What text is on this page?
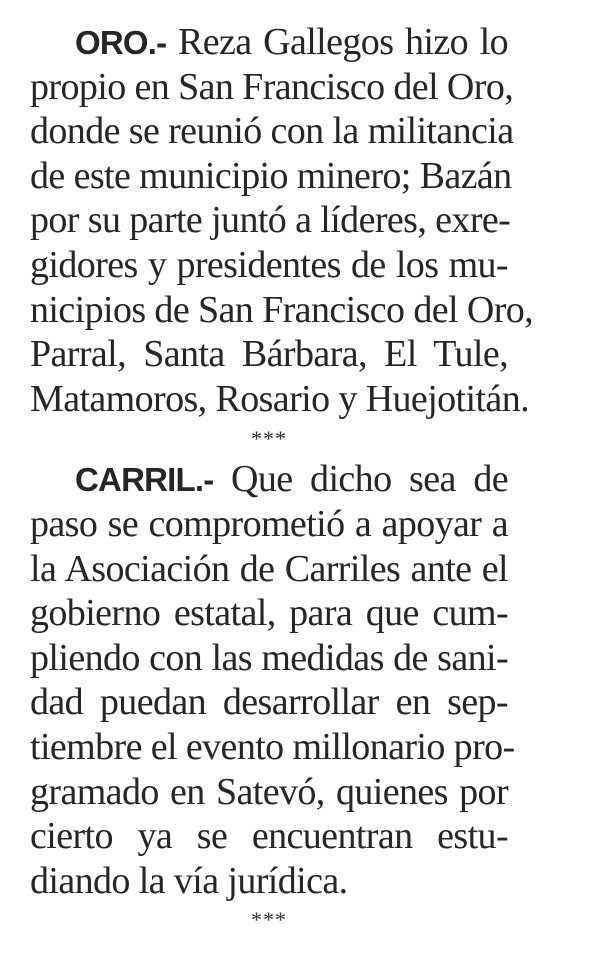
ORO.- Reza Gallegos hizo lo
propio en San Francisco del Oro,
donde se reunió con la militancia
de este municipio minero; Bazán
por su parte juntó a líderes, exre-
gidores y presidentes de los mu-
nicipios de San Francisco del Oro,
Parral, Santa Bárbara, El Tule,
Matamoros, Rosario y Huejotitán.
***
CARRIL.- Que dicho sea de
paso se comprometió a apoyar a
la Asociación de Carriles ante el
gobierno estatal, para que cum-
pliendo con las medidas de sani-
dad puedan desarrollar en sep-
tiembre el evento millonario pro-
gramado en Satevó, quienes por
cierto ya se encuentran estu-
diando la vía jurídica.
***
